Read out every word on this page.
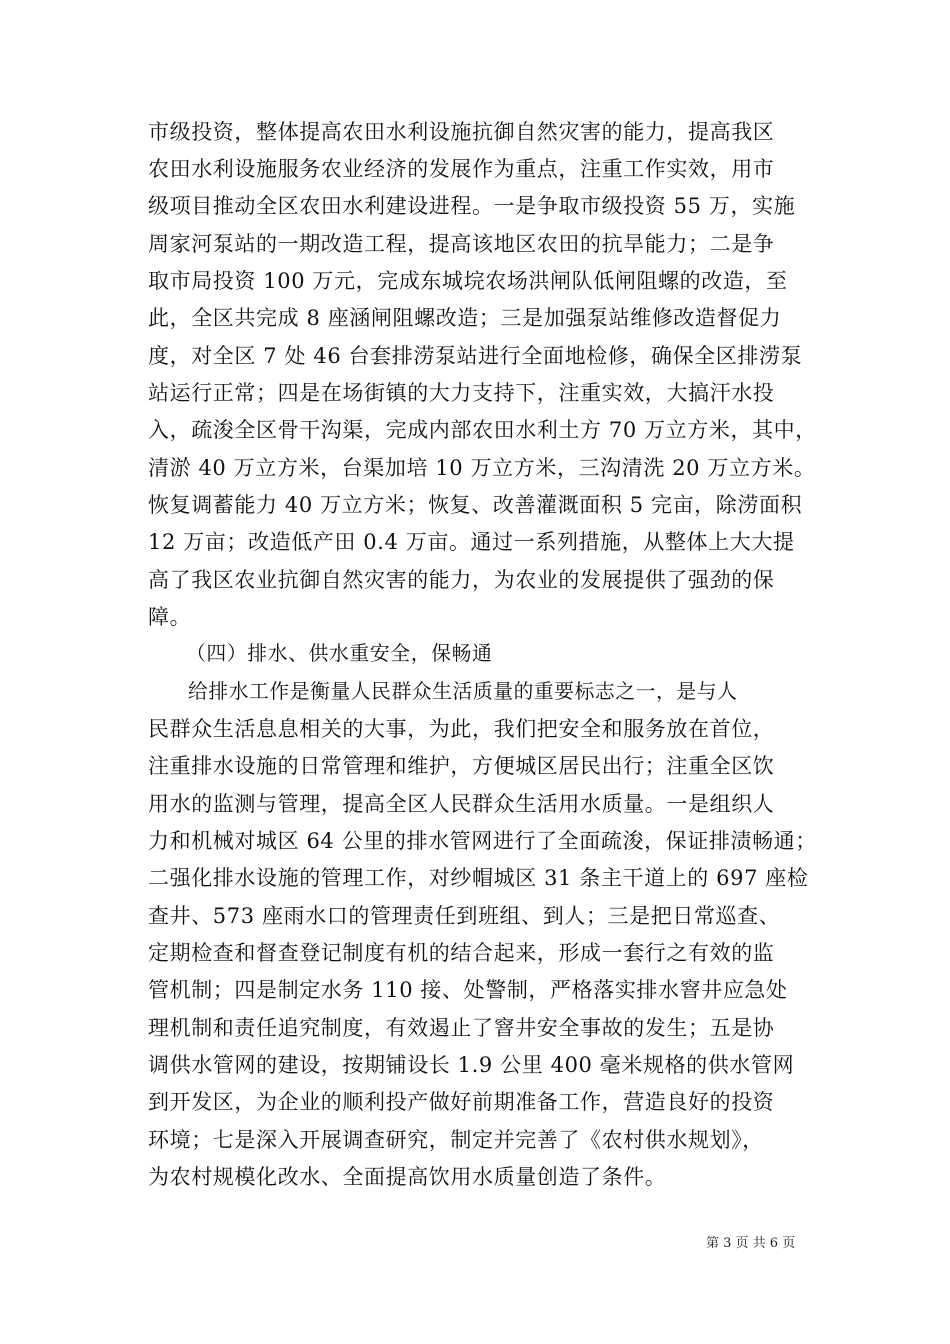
市级投资，整体提高农田水利设施抗御自然灾害的能力，提高我区
农田水利设施服务农业经济的发展作为重点，注重工作实效，用市
级项目推动全区农田水利建设进程。一是争取市级投资 55 万，实施
周家河泵站的一期改造工程，提高该地区农田的抗旱能力；二是争
取市局投资 100 万元，完成东城垸农场洪闸队低闸阻螺的改造，至
此，全区共完成 8 座涵闸阻螺改造；三是加强泵站维修改造督促力
度，对全区 7 处 46 台套排涝泵站进行全面地检修，确保全区排涝泵
站运行正常；四是在场街镇的大力支持下，注重实效，大搞汗水投
入，疏浚全区骨干沟渠，完成内部农田水利土方 70 万立方米，其中，
清淤 40 万立方米，台渠加培 10 万立方米，三沟清洗 20 万立方米。
恢复调蓄能力 40 万立方米；恢复、改善灌溉面积 5 完亩，除涝面积
12 万亩；改造低产田 0.4 万亩。通过一系列措施，从整体上大大提
高了我区农业抗御自然灾害的能力，为农业的发展提供了强劲的保
障。
（四）排水、供水重安全，保畅通
给排水工作是衡量人民群众生活质量的重要标志之一，是与人
民群众生活息息相关的大事，为此，我们把安全和服务放在首位，
注重排水设施的日常管理和维护，方便城区居民出行；注重全区饮
用水的监测与管理，提高全区人民群众生活用水质量。一是组织人
力和机械对城区 64 公里的排水管网进行了全面疏浚，保证排渍畅通；
二强化排水设施的管理工作，对纱帽城区 31 条主干道上的 697 座检
查井、573 座雨水口的管理责任到班组、到人；三是把日常巡查、
定期检查和督查登记制度有机的结合起来，形成一套行之有效的监
管机制；四是制定水务 110 接、处警制，严格落实排水窨井应急处
理机制和责任追究制度，有效遏止了窨井安全事故的发生；五是协
调供水管网的建设，按期铺设长 1.9 公里 400 毫米规格的供水管网
到开发区，为企业的顺利投产做好前期准备工作，营造良好的投资
环境；七是深入开展调查研究，制定并完善了《农村供水规划》，
为农村规模化改水、全面提高饮用水质量创造了条件。
第 3 页 共 6 页
